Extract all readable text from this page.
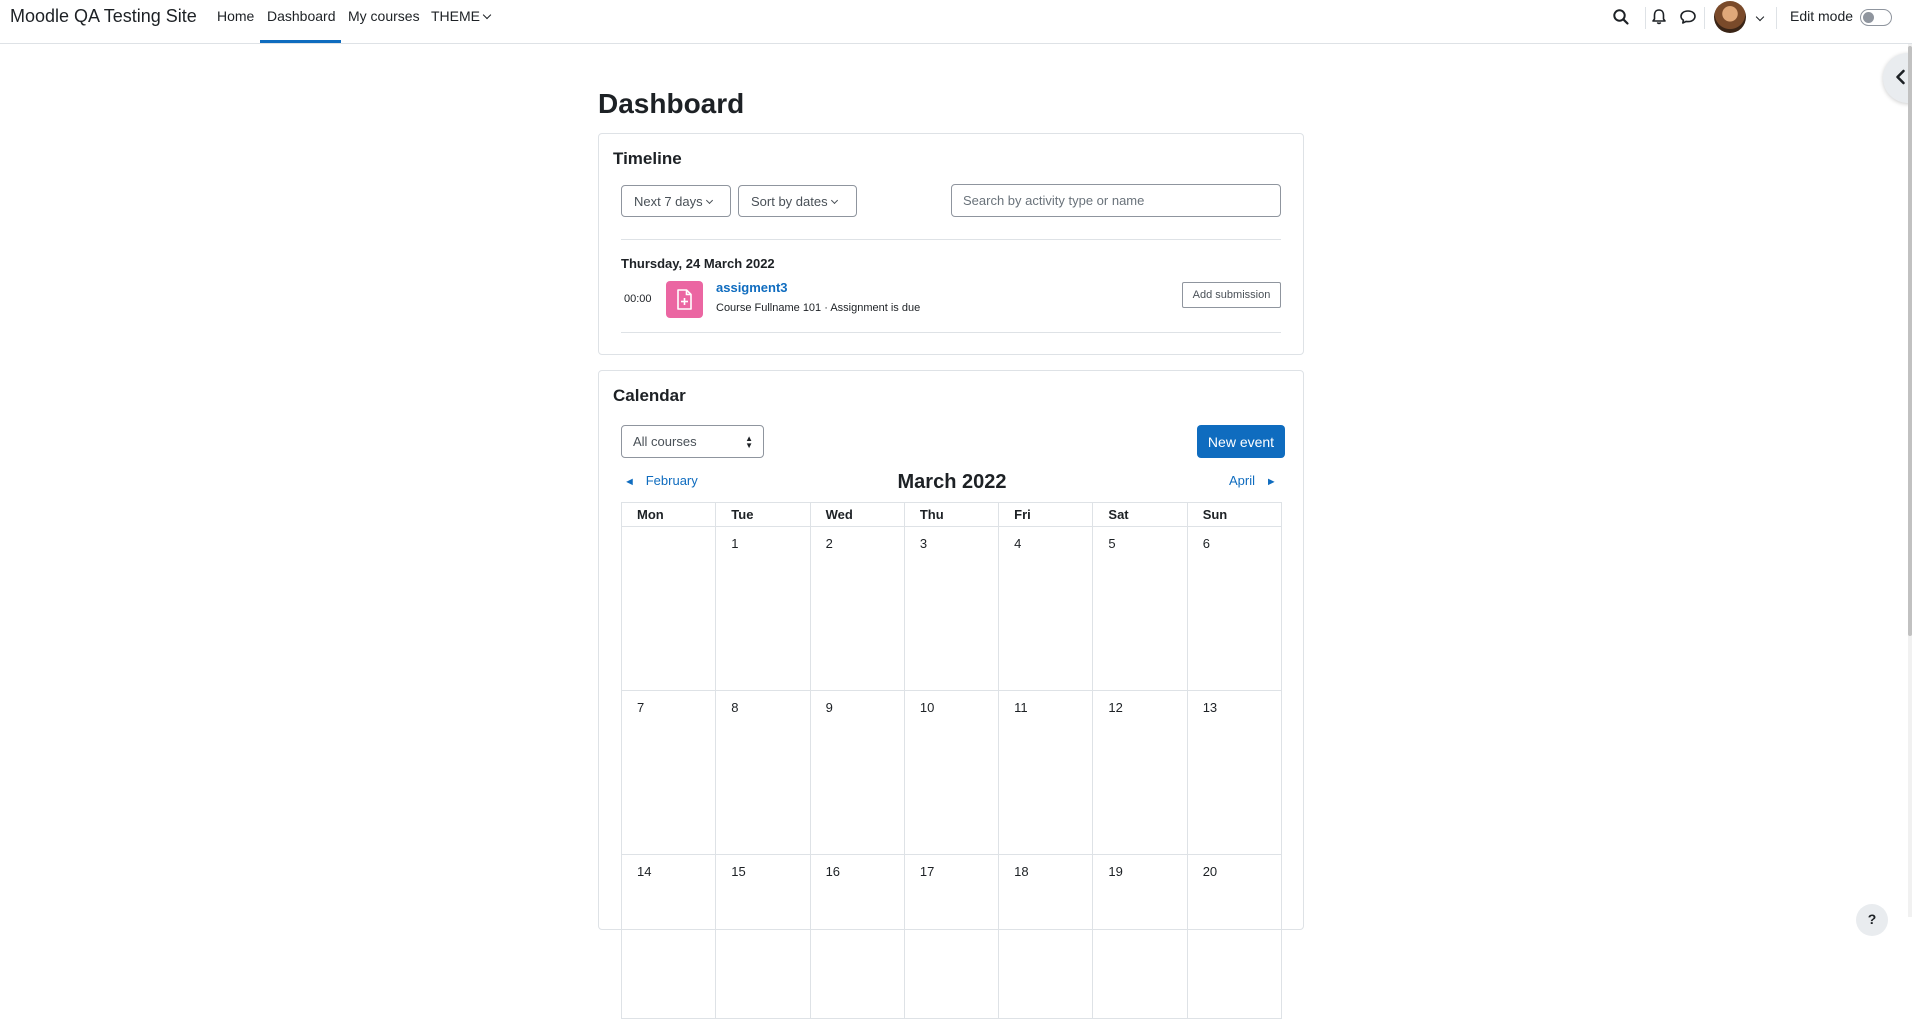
Moodle QA Testing Site Home Dashboard My courses THEME	Edit mode
Dashboard
Timeline
Next 7 days	Sort by dates
Search by activity type or name
Thursday, 24 March 2022
00:00
assigment3
Course Fullname 101 · Assignment is due
Add submission
Calendar
All courses	▲
▼	New event
March 2022
◄ February	April ►
Mon	Tue	Wed	Thu	Fri	Sat	Sun
	1	2	3	4	5	6
7	8	9	10	11	12	13
14	15	16	17	18	19	20
?
